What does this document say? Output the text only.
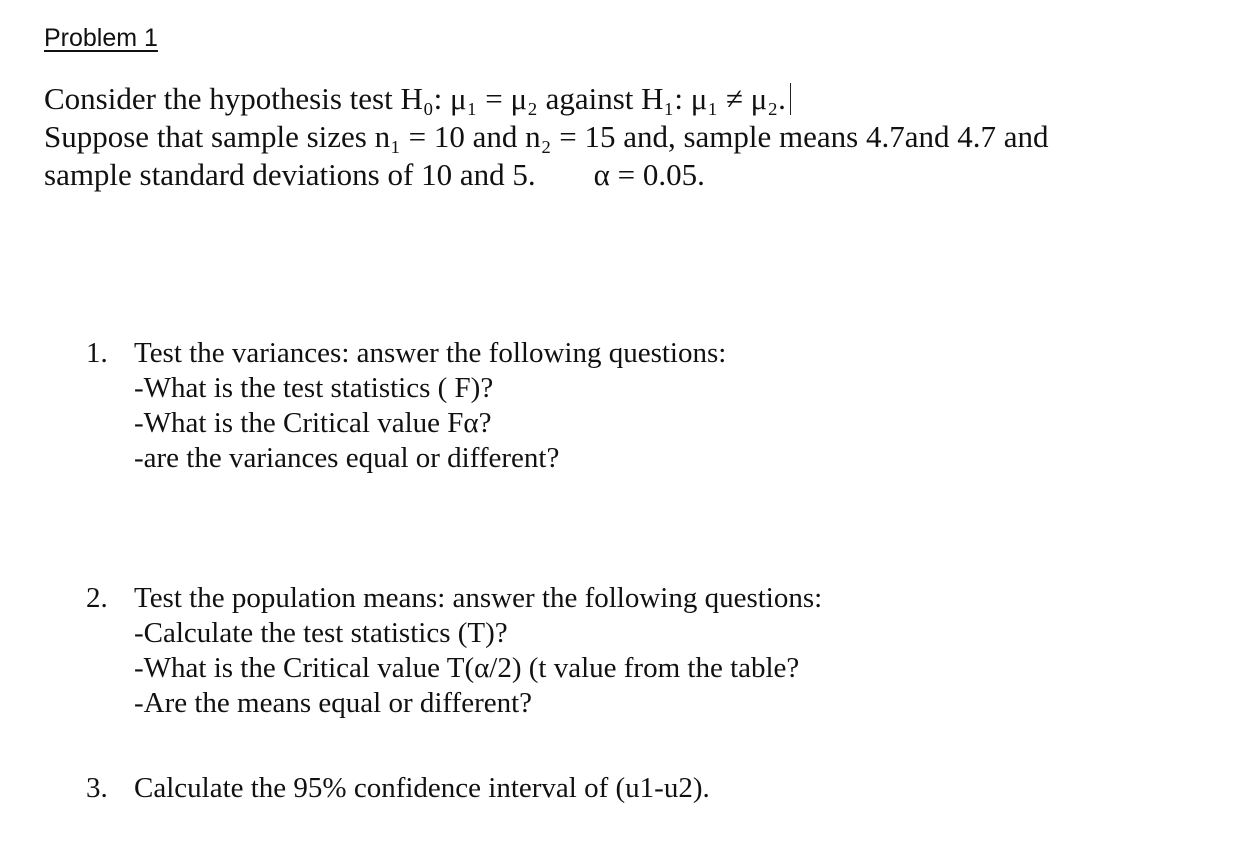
Problem 1
Consider the hypothesis test H₀: μ₁ = μ₂ against H₁: μ₁ ≠ μ₂.
Suppose that sample sizes n₁ = 10 and n₂ = 15 and, sample means 4.7and 4.7 and
sample standard deviations of 10 and 5. α = 0.05.
1. Test the variances: answer the following questions:
-What is the test statistics ( F)?
-What is the Critical value Fα?
-are the variances equal or different?
2. Test the population means: answer the following questions:
-Calculate the test statistics (T)?
-What is the Critical value T(α/2) (t value from the table?
-Are the means equal or different?
3. Calculate the 95% confidence interval of (u1-u2).
